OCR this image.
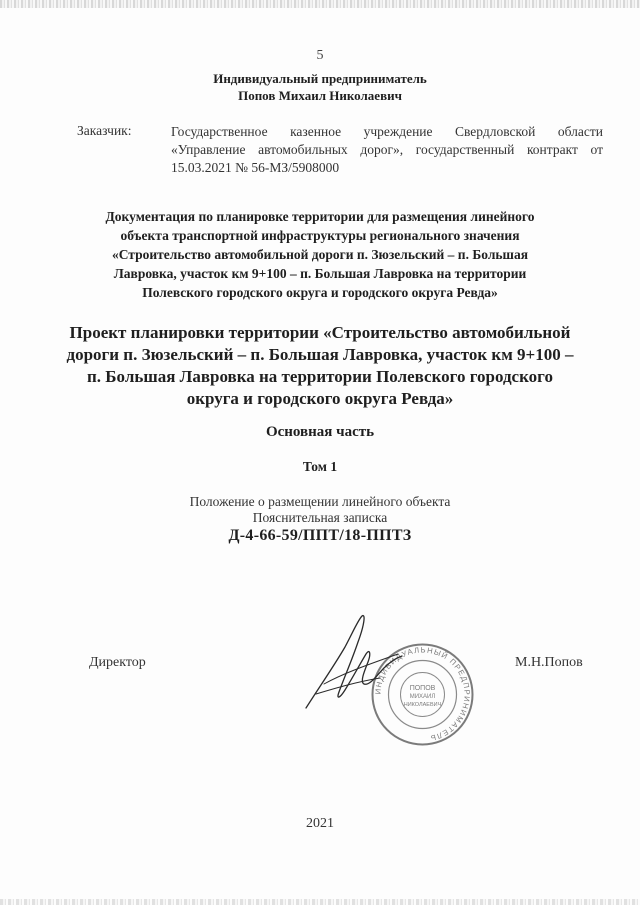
5
Индивидуальный предприниматель
Попов Михаил Николаевич
Заказчик:	Государственное казенное учреждение Свердловской области «Управление автомобильных дорог», государственный контракт от 15.03.2021 № 56-МЗ/5908000
Документация по планировке территории для размещения линейного объекта транспортной инфраструктуры регионального значения «Строительство автомобильной дороги п. Зюзельский – п. Большая Лавровка, участок км 9+100 – п. Большая Лавровка на территории Полевского городского округа и городского округа Ревда»
Проект планировки территории «Строительство автомобильной дороги п. Зюзельский – п. Большая Лавровка, участок км 9+100 – п. Большая Лавровка на территории Полевского городского округа и городского округа Ревда»
Основная часть
Том 1
Положение о размещении линейного объекта
Пояснительная записка
Д-4-66-59/ППТ/18-ППТЗ
Директор	М.Н.Попов
ИНДИВИДУАЛЬНЫЙ ПРЕДПРИНИМАТЕЛЬ
ПОПОВ
МИХАИЛ
НИКОЛАЕВИЧ
2021
